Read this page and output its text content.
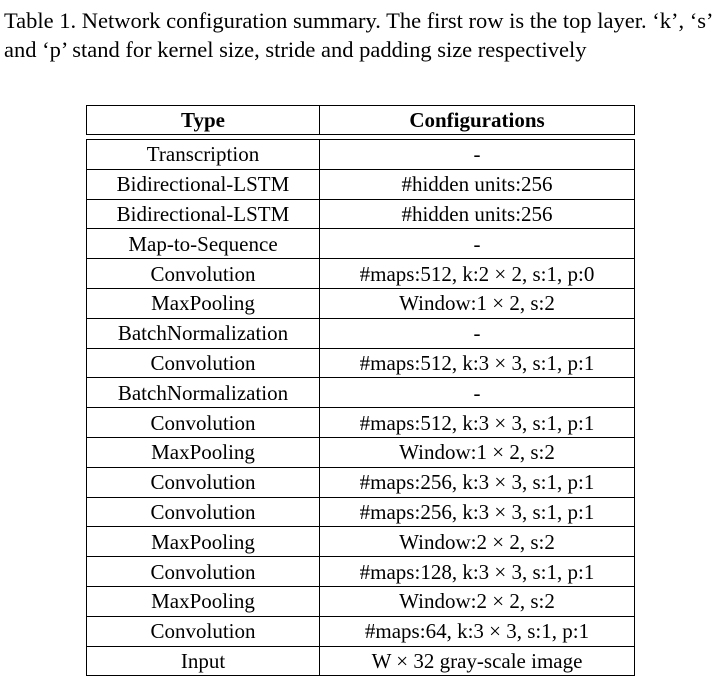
Table 1. Network configuration summary. The first row is the top layer. ‘k’, ‘s’ and ‘p’ stand for kernel size, stride and padding size respectively

Type	Configurations

Transcription	-
Bidirectional-LSTM	#hidden units:256
Bidirectional-LSTM	#hidden units:256
Map-to-Sequence	-
Convolution	#maps:512, k:2 × 2, s:1, p:0
MaxPooling	Window:1 × 2, s:2
BatchNormalization	-
Convolution	#maps:512, k:3 × 3, s:1, p:1
BatchNormalization	-
Convolution	#maps:512, k:3 × 3, s:1, p:1
MaxPooling	Window:1 × 2, s:2
Convolution	#maps:256, k:3 × 3, s:1, p:1
Convolution	#maps:256, k:3 × 3, s:1, p:1
MaxPooling	Window:2 × 2, s:2
Convolution	#maps:128, k:3 × 3, s:1, p:1
MaxPooling	Window:2 × 2, s:2
Convolution	#maps:64, k:3 × 3, s:1, p:1
Input	W × 32 gray-scale image
